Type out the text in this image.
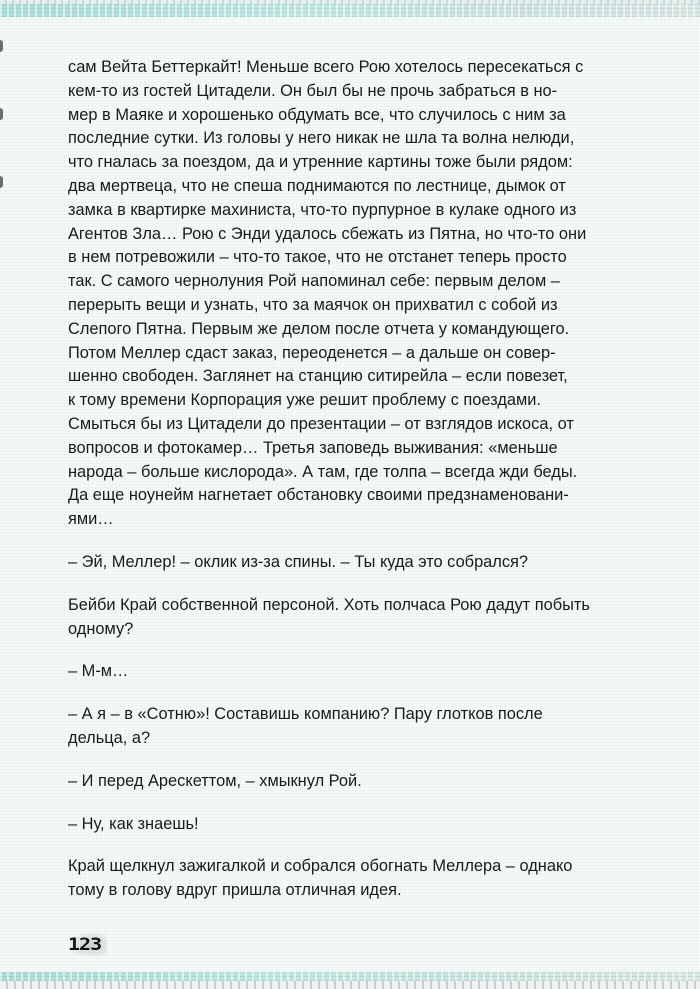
сам Вейта Беттеркайт! Меньше всего Рою хотелось пересекаться с
кем-то из гостей Цитадели. Он был бы не прочь забраться в но-
мер в Маяке и хорошенько обдумать все, что случилось с ним за
последние сутки. Из головы у него никак не шла та волна нелюди,
что гналась за поездом, да и утренние картины тоже были рядом:
два мертвеца, что не спеша поднимаются по лестнице, дымок от
замка в квартирке махиниста, что-то пурпурное в кулаке одного из
Агентов Зла… Рою с Энди удалось сбежать из Пятна, но что-то они
в нем потревожили – что-то такое, что не отстанет теперь просто
так. С самого чернолуния Рой напоминал себе: первым делом –
перерыть вещи и узнать, что за маячок он прихватил с собой из
Слепого Пятна. Первым же делом после отчета у командующего.
Потом Меллер сдаст заказ, переоденется – а дальше он совер-
шенно свободен. Заглянет на станцию ситирейла – если повезет,
к тому времени Корпорация уже решит проблему с поездами.
Смыться бы из Цитадели до презентации – от взглядов искоса, от
вопросов и фотокамер… Третья заповедь выживания: «меньше
народа – больше кислорода». А там, где толпа – всегда жди беды.
Да еще ноунейм нагнетает обстановку своими предзнаменовани-
ями…

– Эй, Меллер! – оклик из-за спины. – Ты куда это собрался?

Бейби Край собственной персоной. Хоть полчаса Рою дадут побыть
одному?

– М-м…

– А я – в «Сотню»! Составишь компанию? Пару глотков после
дельца, а?

– И перед Арескеттом, – хмыкнул Рой.

– Ну, как знаешь!

Край щелкнул зажигалкой и собрался обогнать Меллера – однако
тому в голову вдруг пришла отличная идея.

123
